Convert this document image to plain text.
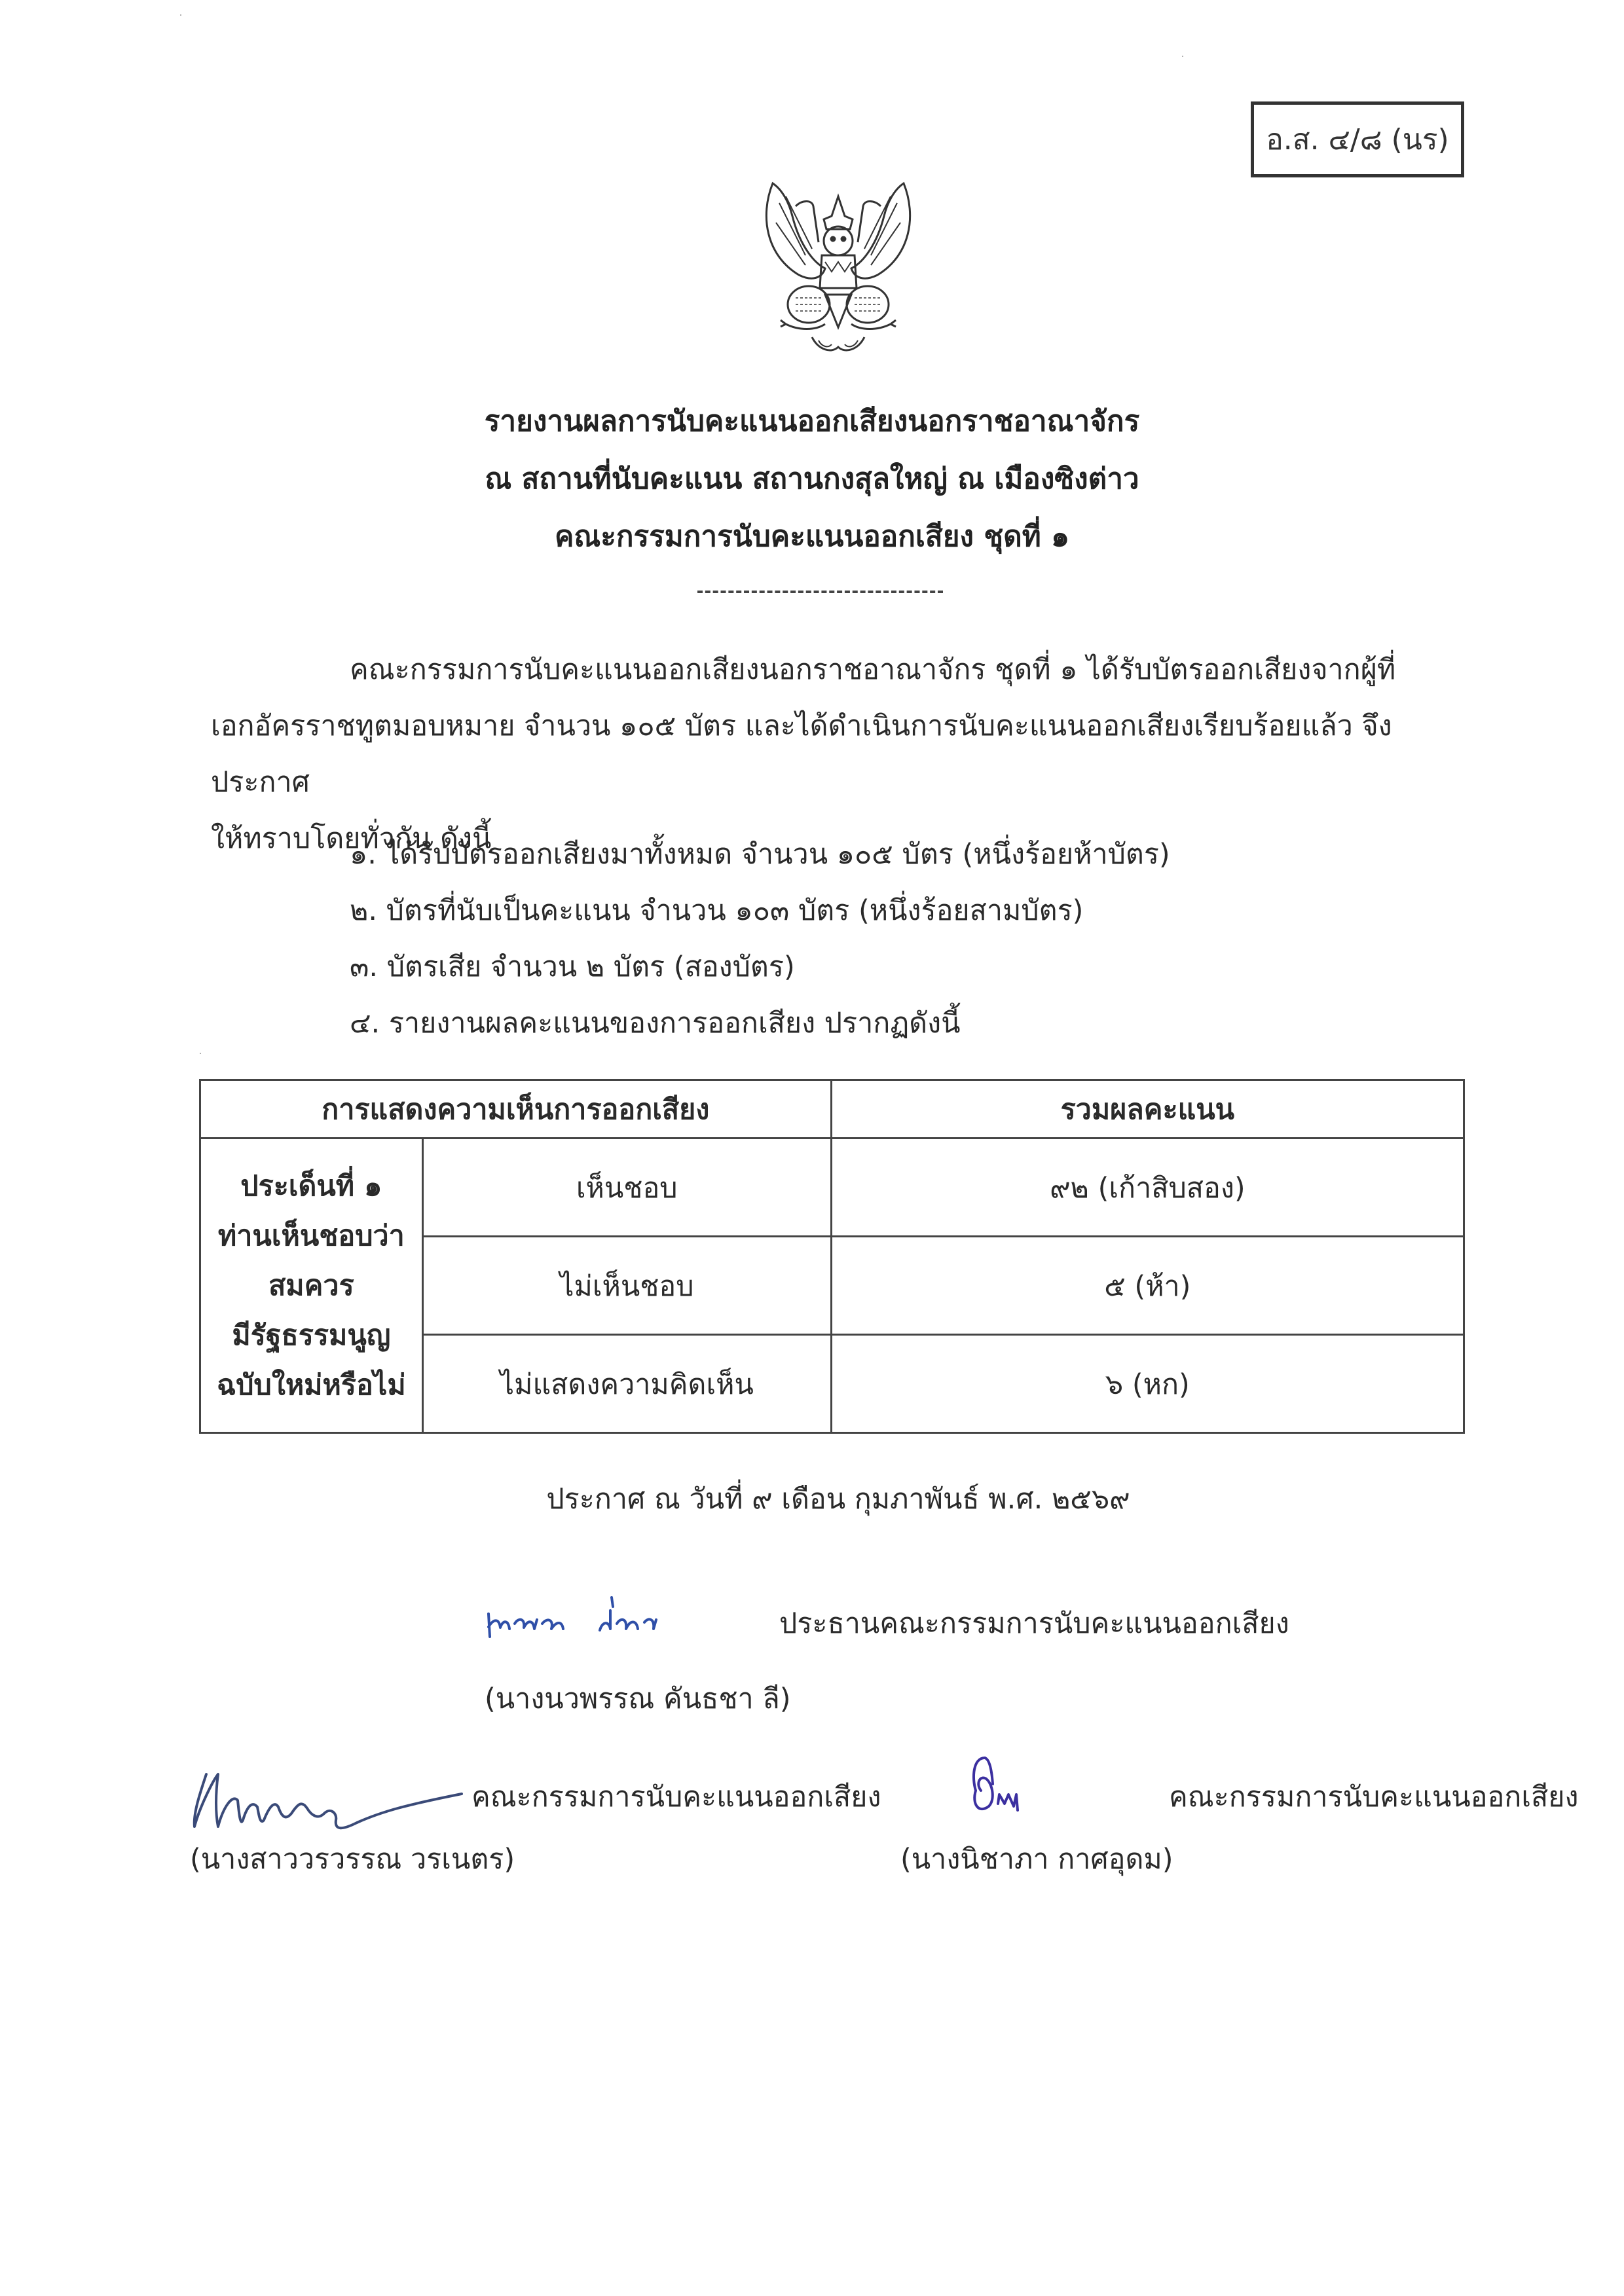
อ.ส. ๔/๘ (นร)
รายงานผลการนับคะแนนออกเสียงนอกราชอาณาจักร
ณ สถานที่นับคะแนน สถานกงสุลใหญ่ ณ เมืองซิงต่าว
คณะกรรมการนับคะแนนออกเสียง ชุดที่ ๑
คณะกรรมการนับคะแนนออกเสียงนอกราชอาณาจักร ชุดที่ ๑ ได้รับบัตรออกเสียงจากผู้ที่
เอกอัครราชทูตมอบหมาย จำนวน ๑๐๕ บัตร และได้ดำเนินการนับคะแนนออกเสียงเรียบร้อยแล้ว จึงประกาศ
ให้ทราบโดยทั่วกัน ดังนี้
๑. ได้รับบัตรออกเสียงมาทั้งหมด จำนวน ๑๐๕ บัตร (หนึ่งร้อยห้าบัตร)
๒. บัตรที่นับเป็นคะแนน จำนวน ๑๐๓ บัตร (หนึ่งร้อยสามบัตร)
๓. บัตรเสีย จำนวน ๒ บัตร (สองบัตร)
๔. รายงานผลคะแนนของการออกเสียง ปรากฏดังนี้
การแสดงความเห็นการออกเสียง		รวมผลคะแนน

ประเด็นที่ ๑
ท่านเห็นชอบว่า
สมควร
มีรัฐธรรมนูญ
ฉบับใหม่หรือไม่	เห็นชอบ	๙๒ (เก้าสิบสอง)
	ไม่เห็นชอบ	๕ (ห้า)
	ไม่แสดงความคิดเห็น	๖ (หก)
ประกาศ ณ วันที่ ๙ เดือน กุมภาพันธ์ พ.ศ. ๒๕๖๙
ประธานคณะกรรมการนับคะแนนออกเสียง
(นางนวพรรณ คันธชา ลี)
คณะกรรมการนับคะแนนออกเสียง
(นางสาววรวรรณ วรเนตร)
คณะกรรมการนับคะแนนออกเสียง
(นางนิชาภา กาศอุดม)
